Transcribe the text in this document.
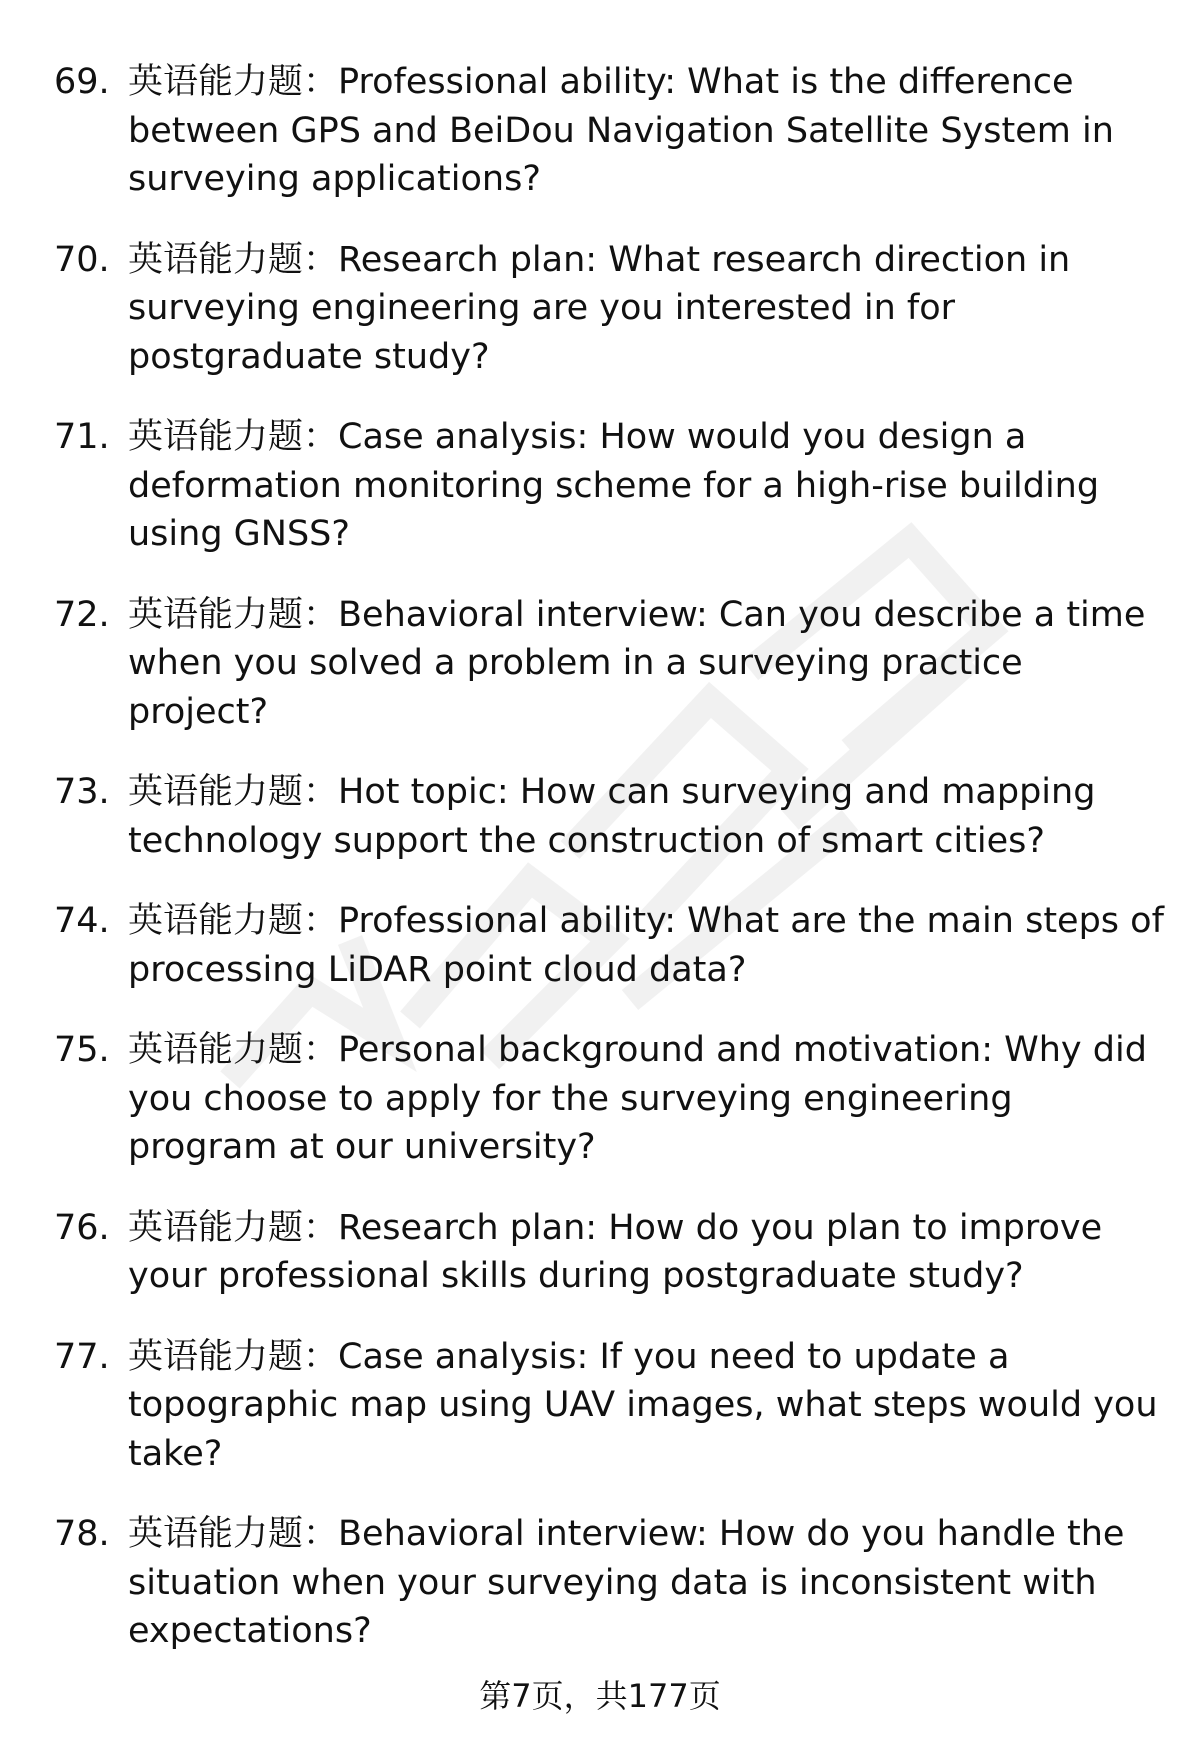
69. 英语能力题：Professional ability: What is the difference between GPS and BeiDou Navigation Satellite System in surveying applications?
70. 英语能力题：Research plan: What research direction in surveying engineering are you interested in for postgraduate study?
71. 英语能力题：Case analysis: How would you design a deformation monitoring scheme for a high-rise building using GNSS?
72. 英语能力题：Behavioral interview: Can you describe a time when you solved a problem in a surveying practice project?
73. 英语能力题：Hot topic: How can surveying and mapping technology support the construction of smart cities?
74. 英语能力题：Professional ability: What are the main steps of processing LiDAR point cloud data?
75. 英语能力题：Personal background and motivation: Why did you choose to apply for the surveying engineering program at our university?
76. 英语能力题：Research plan: How do you plan to improve your professional skills during postgraduate study?
77. 英语能力题：Case analysis: If you need to update a topographic map using UAV images, what steps would you take?
78. 英语能力题：Behavioral interview: How do you handle the situation when your surveying data is inconsistent with expectations?
第7页，共177页
